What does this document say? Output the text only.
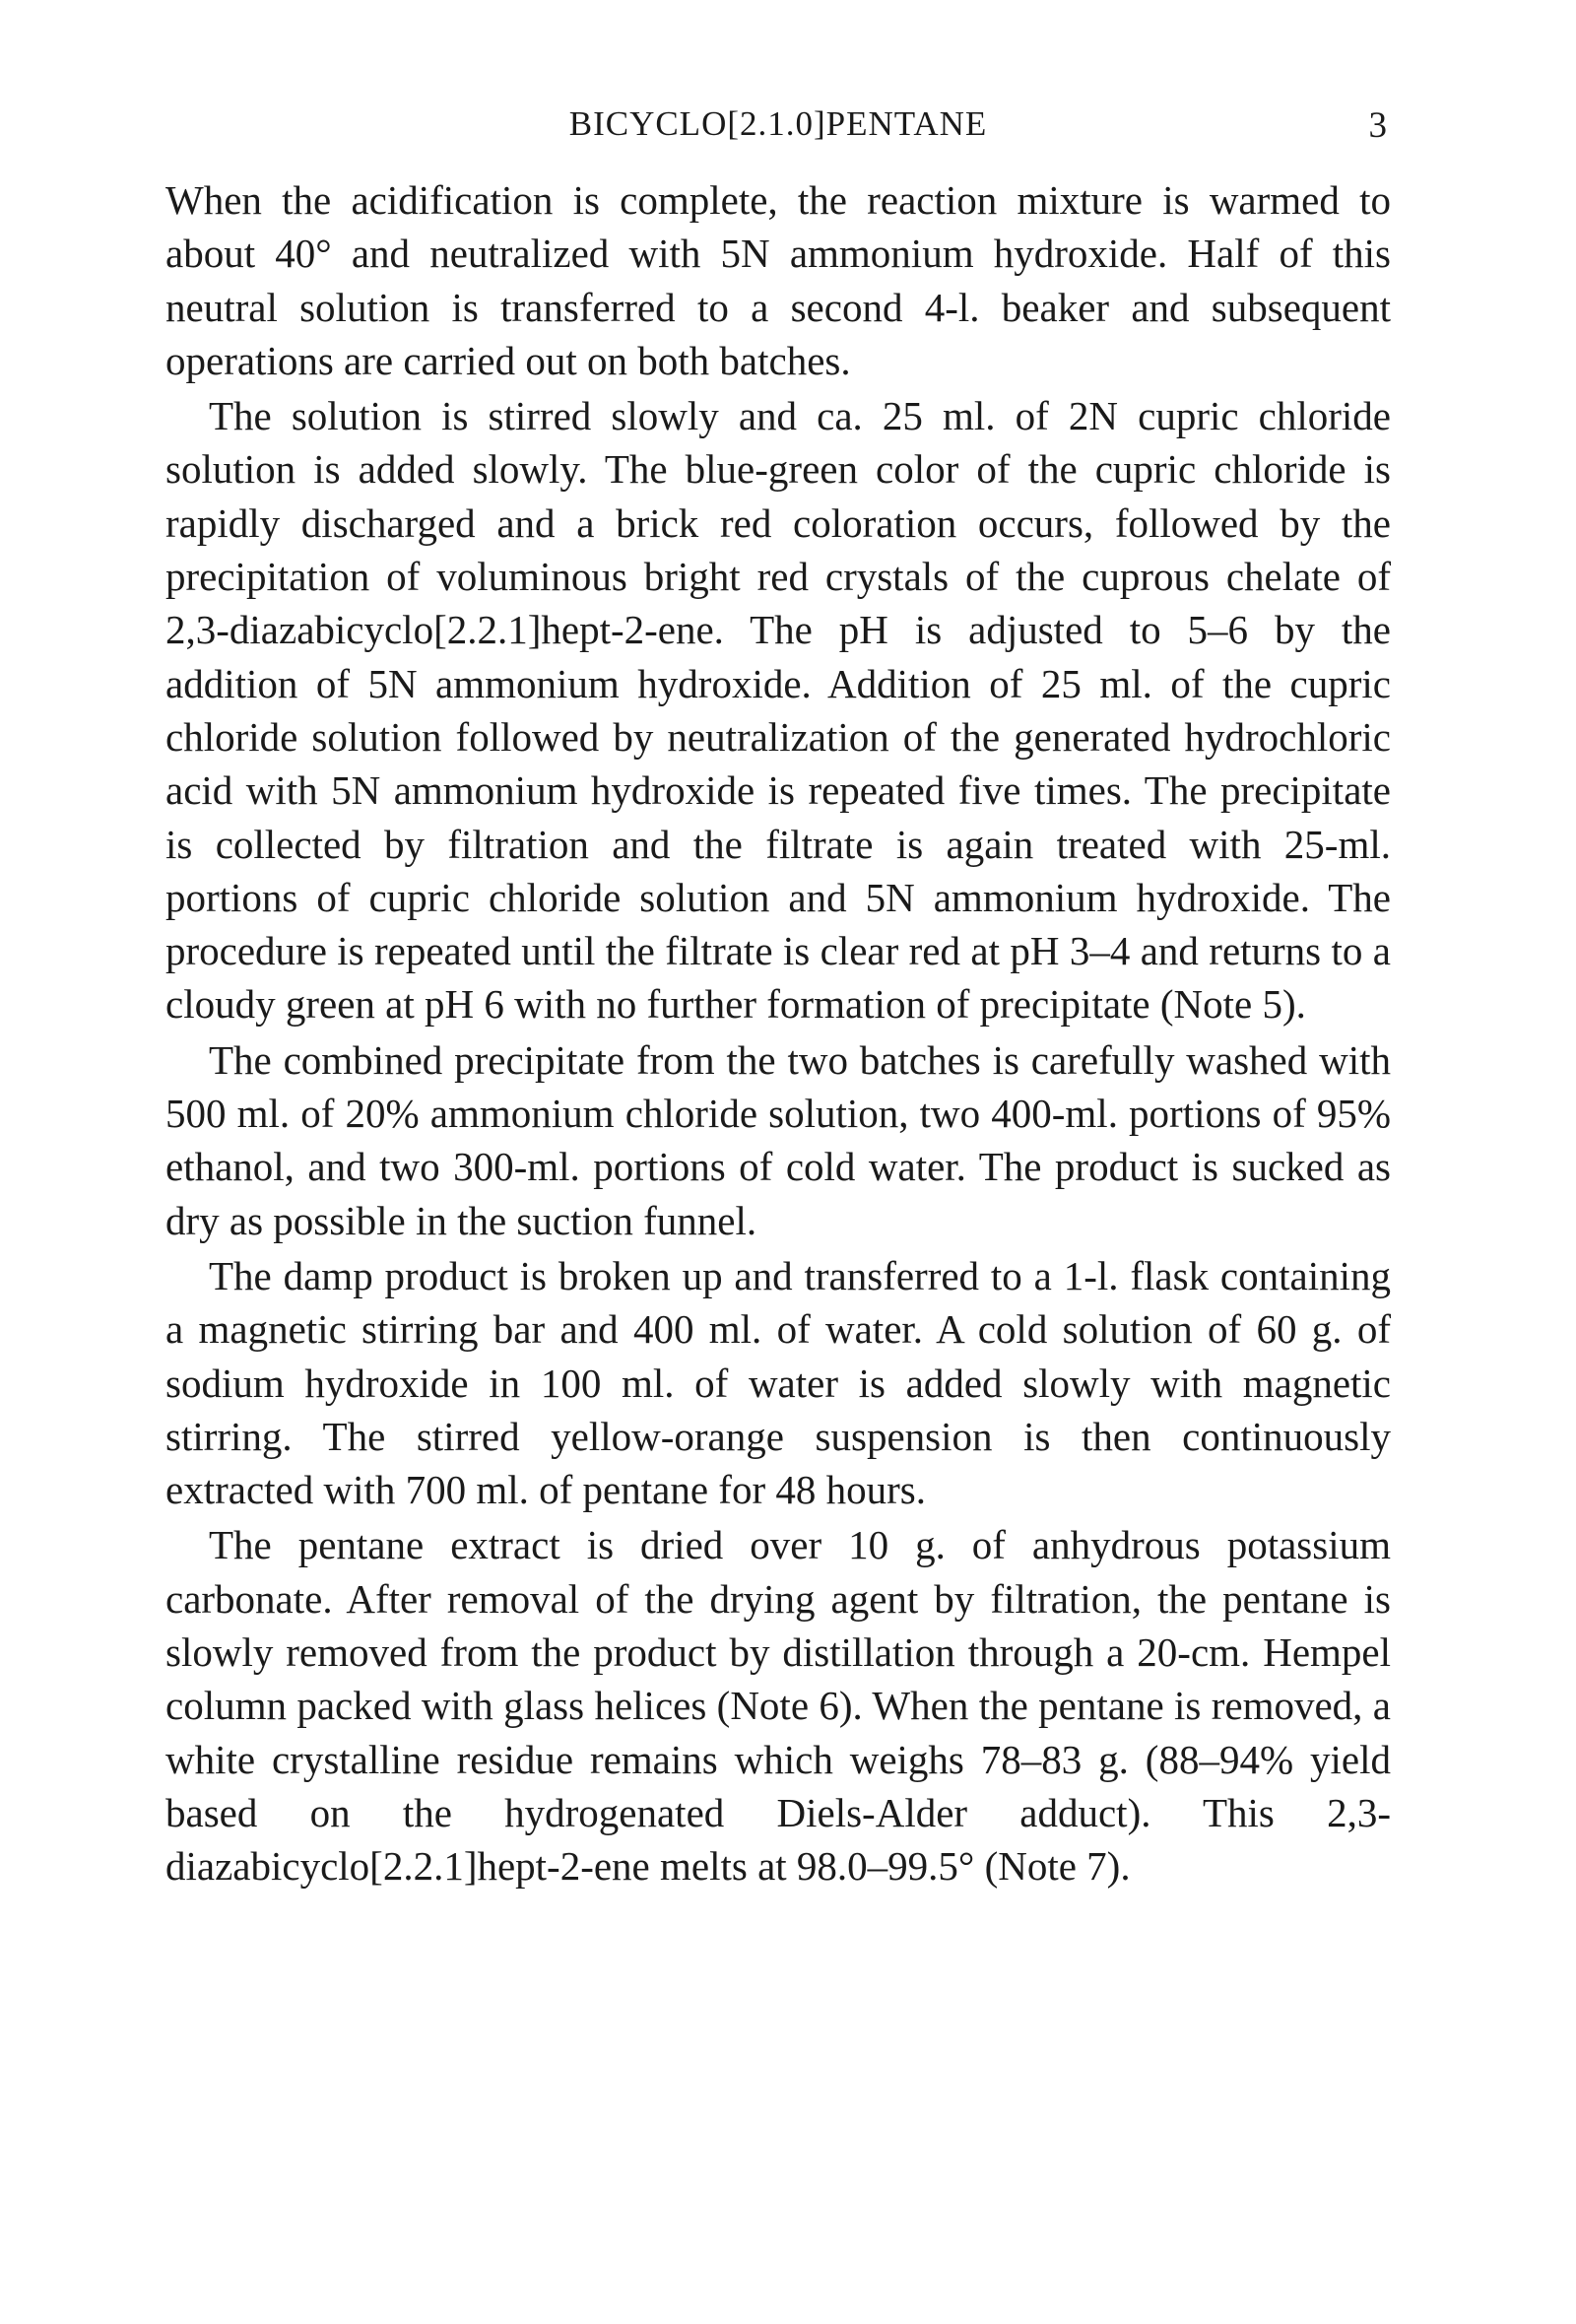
BICYCLO[2.1.0]PENTANE	3

When the acidification is complete, the reaction mixture is warmed to about 40° and neutralized with 5N ammonium hydroxide. Half of this neutral solution is transferred to a second 4-l. beaker and subsequent operations are carried out on both batches.

The solution is stirred slowly and ca. 25 ml. of 2N cupric chloride solution is added slowly. The blue-green color of the cupric chloride is rapidly discharged and a brick red coloration occurs, followed by the precipitation of voluminous bright red crystals of the cuprous chelate of 2,3-diazabicyclo[2.2.1]hept-2-ene. The pH is adjusted to 5–6 by the addition of 5N ammonium hydroxide. Addition of 25 ml. of the cupric chloride solution followed by neutralization of the generated hydrochloric acid with 5N ammonium hydroxide is repeated five times. The precipitate is collected by filtration and the filtrate is again treated with 25-ml. portions of cupric chloride solution and 5N ammonium hydroxide. The procedure is repeated until the filtrate is clear red at pH 3–4 and returns to a cloudy green at pH 6 with no further formation of precipitate (Note 5).

The combined precipitate from the two batches is carefully washed with 500 ml. of 20% ammonium chloride solution, two 400-ml. portions of 95% ethanol, and two 300-ml. portions of cold water. The product is sucked as dry as possible in the suction funnel.

The damp product is broken up and transferred to a 1-l. flask containing a magnetic stirring bar and 400 ml. of water. A cold solution of 60 g. of sodium hydroxide in 100 ml. of water is added slowly with magnetic stirring. The stirred yellow-orange suspension is then continuously extracted with 700 ml. of pentane for 48 hours.

The pentane extract is dried over 10 g. of anhydrous potassium carbonate. After removal of the drying agent by filtration, the pentane is slowly removed from the product by distillation through a 20-cm. Hempel column packed with glass helices (Note 6). When the pentane is removed, a white crystalline residue remains which weighs 78–83 g. (88–94% yield based on the hydrogenated Diels-Alder adduct). This 2,3-diazabicyclo[2.2.1]hept-2-ene melts at 98.0–99.5° (Note 7).
